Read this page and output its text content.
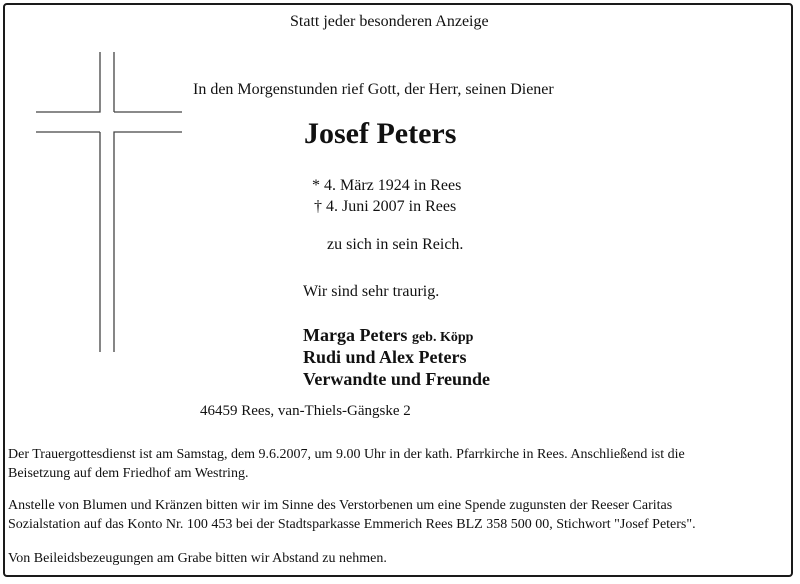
Statt jeder besonderen Anzeige
In den Morgenstunden rief Gott, der Herr, seinen Diener
Josef Peters
* 4. März 1924 in Rees
† 4. Juni 2007 in Rees
zu sich in sein Reich.
Wir sind sehr traurig.
Marga Peters geb. Köpp
Rudi und Alex Peters
Verwandte und Freunde
46459 Rees, van-Thiels-Gängske 2
Der Trauergottesdienst ist am Samstag, dem 9.6.2007, um 9.00 Uhr in der kath. Pfarrkirche in Rees. Anschließend ist die
Beisetzung auf dem Friedhof am Westring.
Anstelle von Blumen und Kränzen bitten wir im Sinne des Verstorbenen um eine Spende zugunsten der Reeser Caritas
Sozialstation auf das Konto Nr. 100 453 bei der Stadtsparkasse Emmerich Rees BLZ 358 500 00, Stichwort "Josef Peters".
Von Beileidsbezeugungen am Grabe bitten wir Abstand zu nehmen.
